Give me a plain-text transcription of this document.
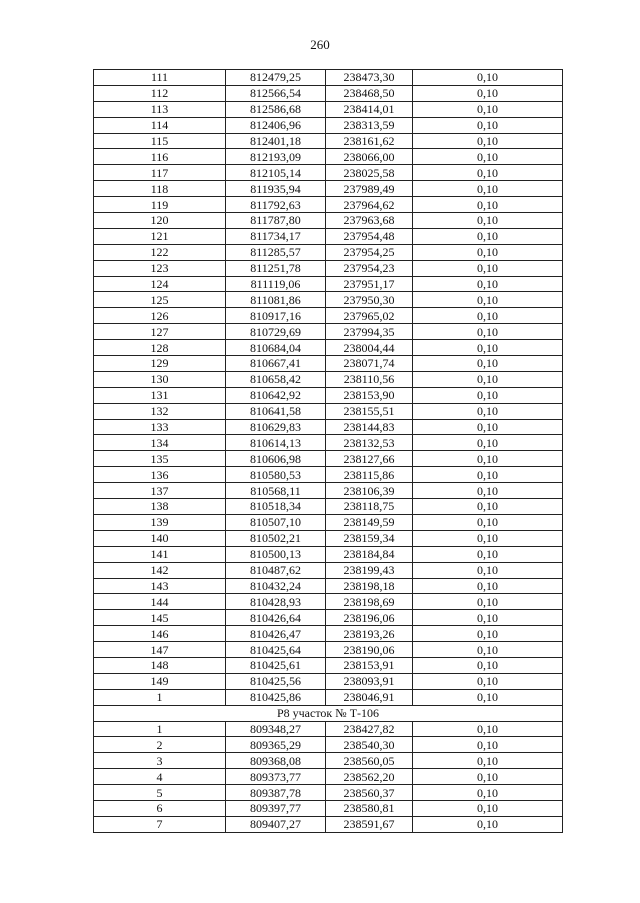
260
111	812479,25	238473,30	0,10
112	812566,54	238468,50	0,10
113	812586,68	238414,01	0,10
114	812406,96	238313,59	0,10
115	812401,18	238161,62	0,10
116	812193,09	238066,00	0,10
117	812105,14	238025,58	0,10
118	811935,94	237989,49	0,10
119	811792,63	237964,62	0,10
120	811787,80	237963,68	0,10
121	811734,17	237954,48	0,10
122	811285,57	237954,25	0,10
123	811251,78	237954,23	0,10
124	811119,06	237951,17	0,10
125	811081,86	237950,30	0,10
126	810917,16	237965,02	0,10
127	810729,69	237994,35	0,10
128	810684,04	238004,44	0,10
129	810667,41	238071,74	0,10
130	810658,42	238110,56	0,10
131	810642,92	238153,90	0,10
132	810641,58	238155,51	0,10
133	810629,83	238144,83	0,10
134	810614,13	238132,53	0,10
135	810606,98	238127,66	0,10
136	810580,53	238115,86	0,10
137	810568,11	238106,39	0,10
138	810518,34	238118,75	0,10
139	810507,10	238149,59	0,10
140	810502,21	238159,34	0,10
141	810500,13	238184,84	0,10
142	810487,62	238199,43	0,10
143	810432,24	238198,18	0,10
144	810428,93	238198,69	0,10
145	810426,64	238196,06	0,10
146	810426,47	238193,26	0,10
147	810425,64	238190,06	0,10
148	810425,61	238153,91	0,10
149	810425,56	238093,91	0,10
1	810425,86	238046,91	0,10
Р8 участок № Т-106			
1	809348,27	238427,82	0,10
2	809365,29	238540,30	0,10
3	809368,08	238560,05	0,10
4	809373,77	238562,20	0,10
5	809387,78	238560,37	0,10
6	809397,77	238580,81	0,10
7	809407,27	238591,67	0,10
